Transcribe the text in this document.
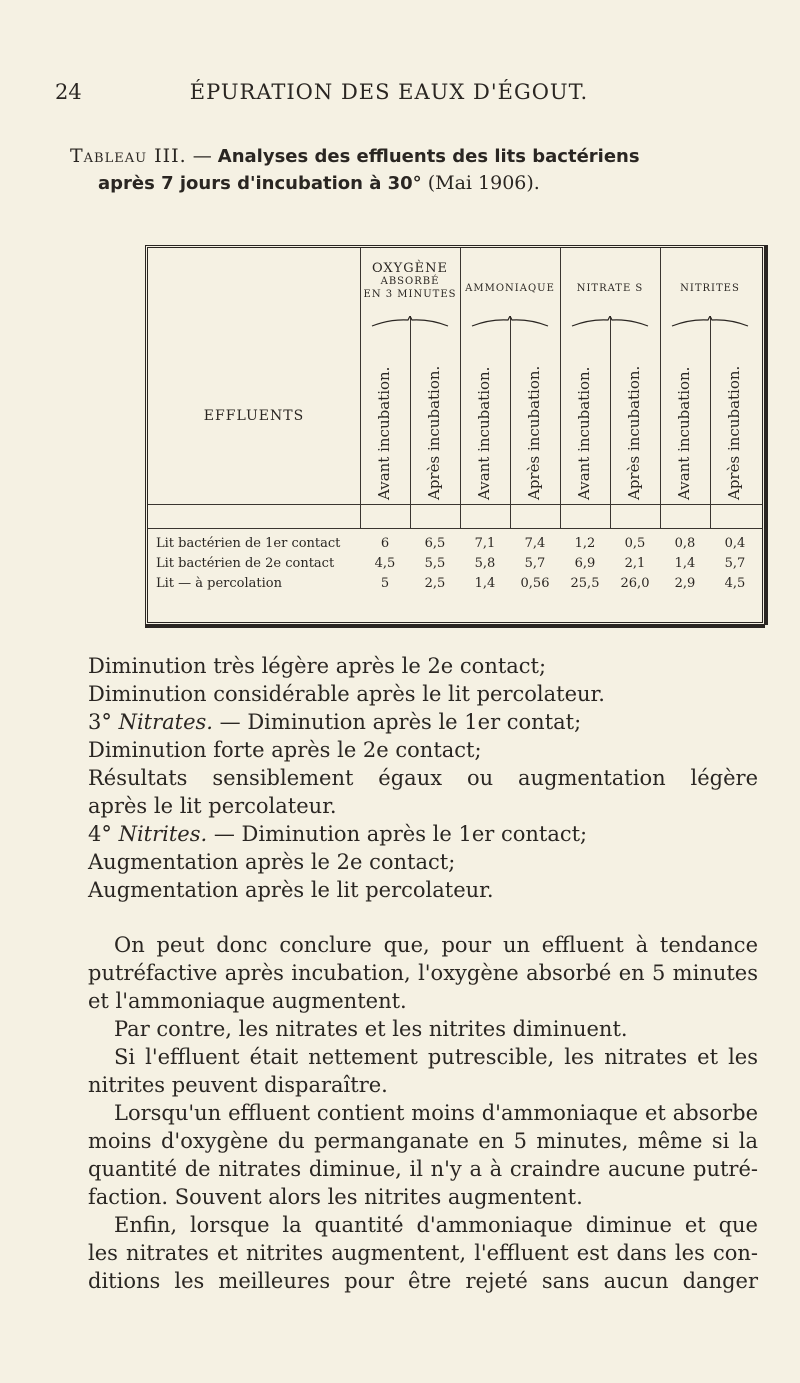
24	ÉPURATION DES EAUX D'ÉGOUT.
Tableau III. — Analyses des effluents des lits bactériens
après 7 jours d'incubation à 30° (Mai 1906).
OXYGÈNE
ABSORBÉ
EN 3 MINUTES
AMMONIAQUE	NITRATE S	NITRITES
EFFLUENTS	Avant incubation. Après incubation. Avant incubation. Après incubation. Avant incubation. Après incubation. Avant incubation. Après incubation.
Lit bactérien de 1er contact	6	6,5	7,1	7,4	1,2	0,5	0,8	0,4
Lit bactérien de 2e contact	4,5	5,5	5,8	5,7	6,9	2,1	1,4	5,7
Lit — à percolation	5	2,5	1,4	0,56	25,5	26,0	2,9	4,5

Diminution très légère après le 2e contact;

Diminution considérable après le lit percolateur.

3° Nitrates. — Diminution après le 1er contat;

Diminution forte après le 2e contact;

Résultats sensiblement égaux ou augmentation légère

après le lit percolateur.

4° Nitrites. — Diminution après le 1er contact;

Augmentation après le 2e contact;

Augmentation après le lit percolateur.

On peut donc conclure que, pour un effluent à tendance

putréfactive après incubation, l'oxygène absorbé en 5 minutes

et l'ammoniaque augmentent.

Par contre, les nitrates et les nitrites diminuent.

Si l'effluent était nettement putrescible, les nitrates et les

nitrites peuvent disparaître.

Lorsqu'un effluent contient moins d'ammoniaque et absorbe

moins d'oxygène du permanganate en 5 minutes, même si la

quantité de nitrates diminue, il n'y a à craindre aucune putré-

faction. Souvent alors les nitrites augmentent.

Enfin, lorsque la quantité d'ammoniaque diminue et que

les nitrates et nitrites augmentent, l'effluent est dans les con-

ditions les meilleures pour être rejeté sans aucun danger
